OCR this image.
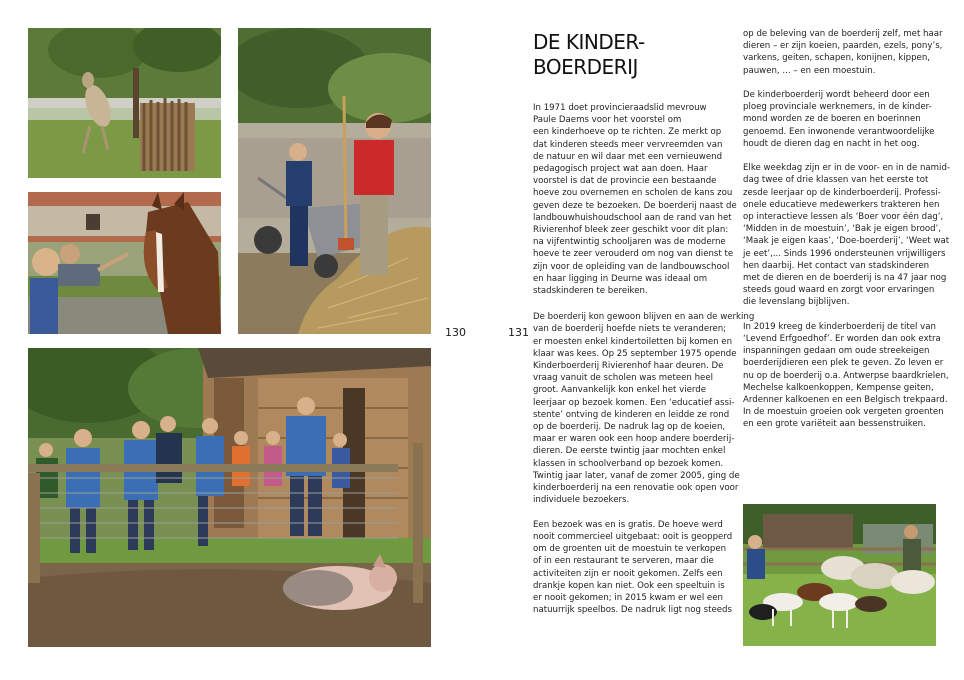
130	131
DE KINDER-
BOERDERIJ

In 1971 doet provincieraadslid mevrouw
Paule Daems voor het voorstel om
een kinderhoeve op te richten. Ze merkt op
dat kinderen steeds meer vervreemden van
de natuur en wil daar met een vernieuwend
pedagogisch project wat aan doen. Haar
voorstel is dat de provincie een bestaande
hoeve zou overnemen en scholen de kans zou
geven deze te bezoeken. De boerderij naast de
landbouwhuishoudschool aan de rand van het
Rivierenhof bleek zeer geschikt voor dit plan:
na vijfentwintig schooljaren was de moderne
hoeve te zeer verouderd om nog van dienst te
zijn voor de opleiding van de landbouwschool
en haar ligging in Deurne was ideaal om
stadskinderen te bereiken.

De boerderij kon gewoon blijven en aan de werking
van de boerderij hoefde niets te veranderen;
er moesten enkel kindertoiletten bij komen en
klaar was kees. Op 25 september 1975 opende
Kinderboerderij Rivierenhof haar deuren. De
vraag vanuit de scholen was meteen heel
groot. Aanvankelijk kon enkel het vierde
leerjaar op bezoek komen. Een ‘educatief assi-
stente’ ontving de kinderen en leidde ze rond
op de boerderij. De nadruk lag op de koeien,
maar er waren ook een hoop andere boerderij-
dieren. De eerste twintig jaar mochten enkel
klassen in schoolverband op bezoek komen.
Twintig jaar later, vanaf de zomer 2005, ging de
kinderboerderij na een renovatie ook open voor
individuele bezoekers.

Een bezoek was en is gratis. De hoeve werd
nooit commercieel uitgebaat: ooit is geopperd
om de groenten uit de moestuin te verkopen
of in een restaurant te serveren, maar die
activiteiten zijn er nooit gekomen. Zelfs een
drankje kopen kan niet. Ook een speeltuin is
er nooit gekomen; in 2015 kwam er wel een
natuurrijk speelbos. De nadruk ligt nog steeds

op de beleving van de boerderij zelf, met haar
dieren – er zijn koeien, paarden, ezels, pony’s,
varkens, geiten, schapen, konijnen, kippen,
pauwen, ... – en een moestuin.

De kinderboerderij wordt beheerd door een
ploeg provinciale werknemers, in de kinder-
mond worden ze de boeren en boerinnen
genoemd. Een inwonende verantwoordelijke
houdt de dieren dag en nacht in het oog.

Elke weekdag zijn er in de voor- en in de namid-
dag twee of drie klassen van het eerste tot
zesde leerjaar op de kinderboerderij. Professi-
onele educatieve medewerkers trakteren hen
op interactieve lessen als ‘Boer voor één dag’,
‘Midden in de moestuin’, ‘Bak je eigen brood’,
‘Maak je eigen kaas’, ‘Doe-boerderij’, ‘Weet wat
je eet’,... Sinds 1996 ondersteunen vrijwilligers
hen daarbij. Het contact van stadskinderen
met de dieren en de boerderij is na 47 jaar nog
steeds goud waard en zorgt voor ervaringen
die levenslang bijblijven.

In 2019 kreeg de kinderboerderij de titel van
‘Levend Erfgoedhof’. Er worden dan ook extra
inspanningen gedaan om oude streekeigen
boerderijdieren een plek te geven. Zo leven er
nu op de boerderij o.a. Antwerpse baardkrielen,
Mechelse kalkoenkoppen, Kempense geiten,
Ardenner kalkoenen en een Belgisch trekpaard.
In de moestuin groeien ook vergeten groenten
en een grote variëteit aan bessenstruiken.
